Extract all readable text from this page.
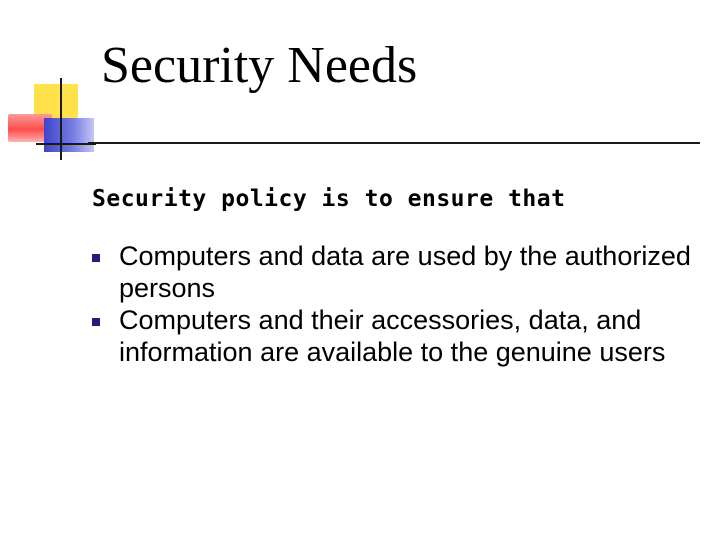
Security Needs
Security policy is to ensure that
Computers and data are used by the authorized persons
Computers and their accessories, data, and information are available to the genuine users
